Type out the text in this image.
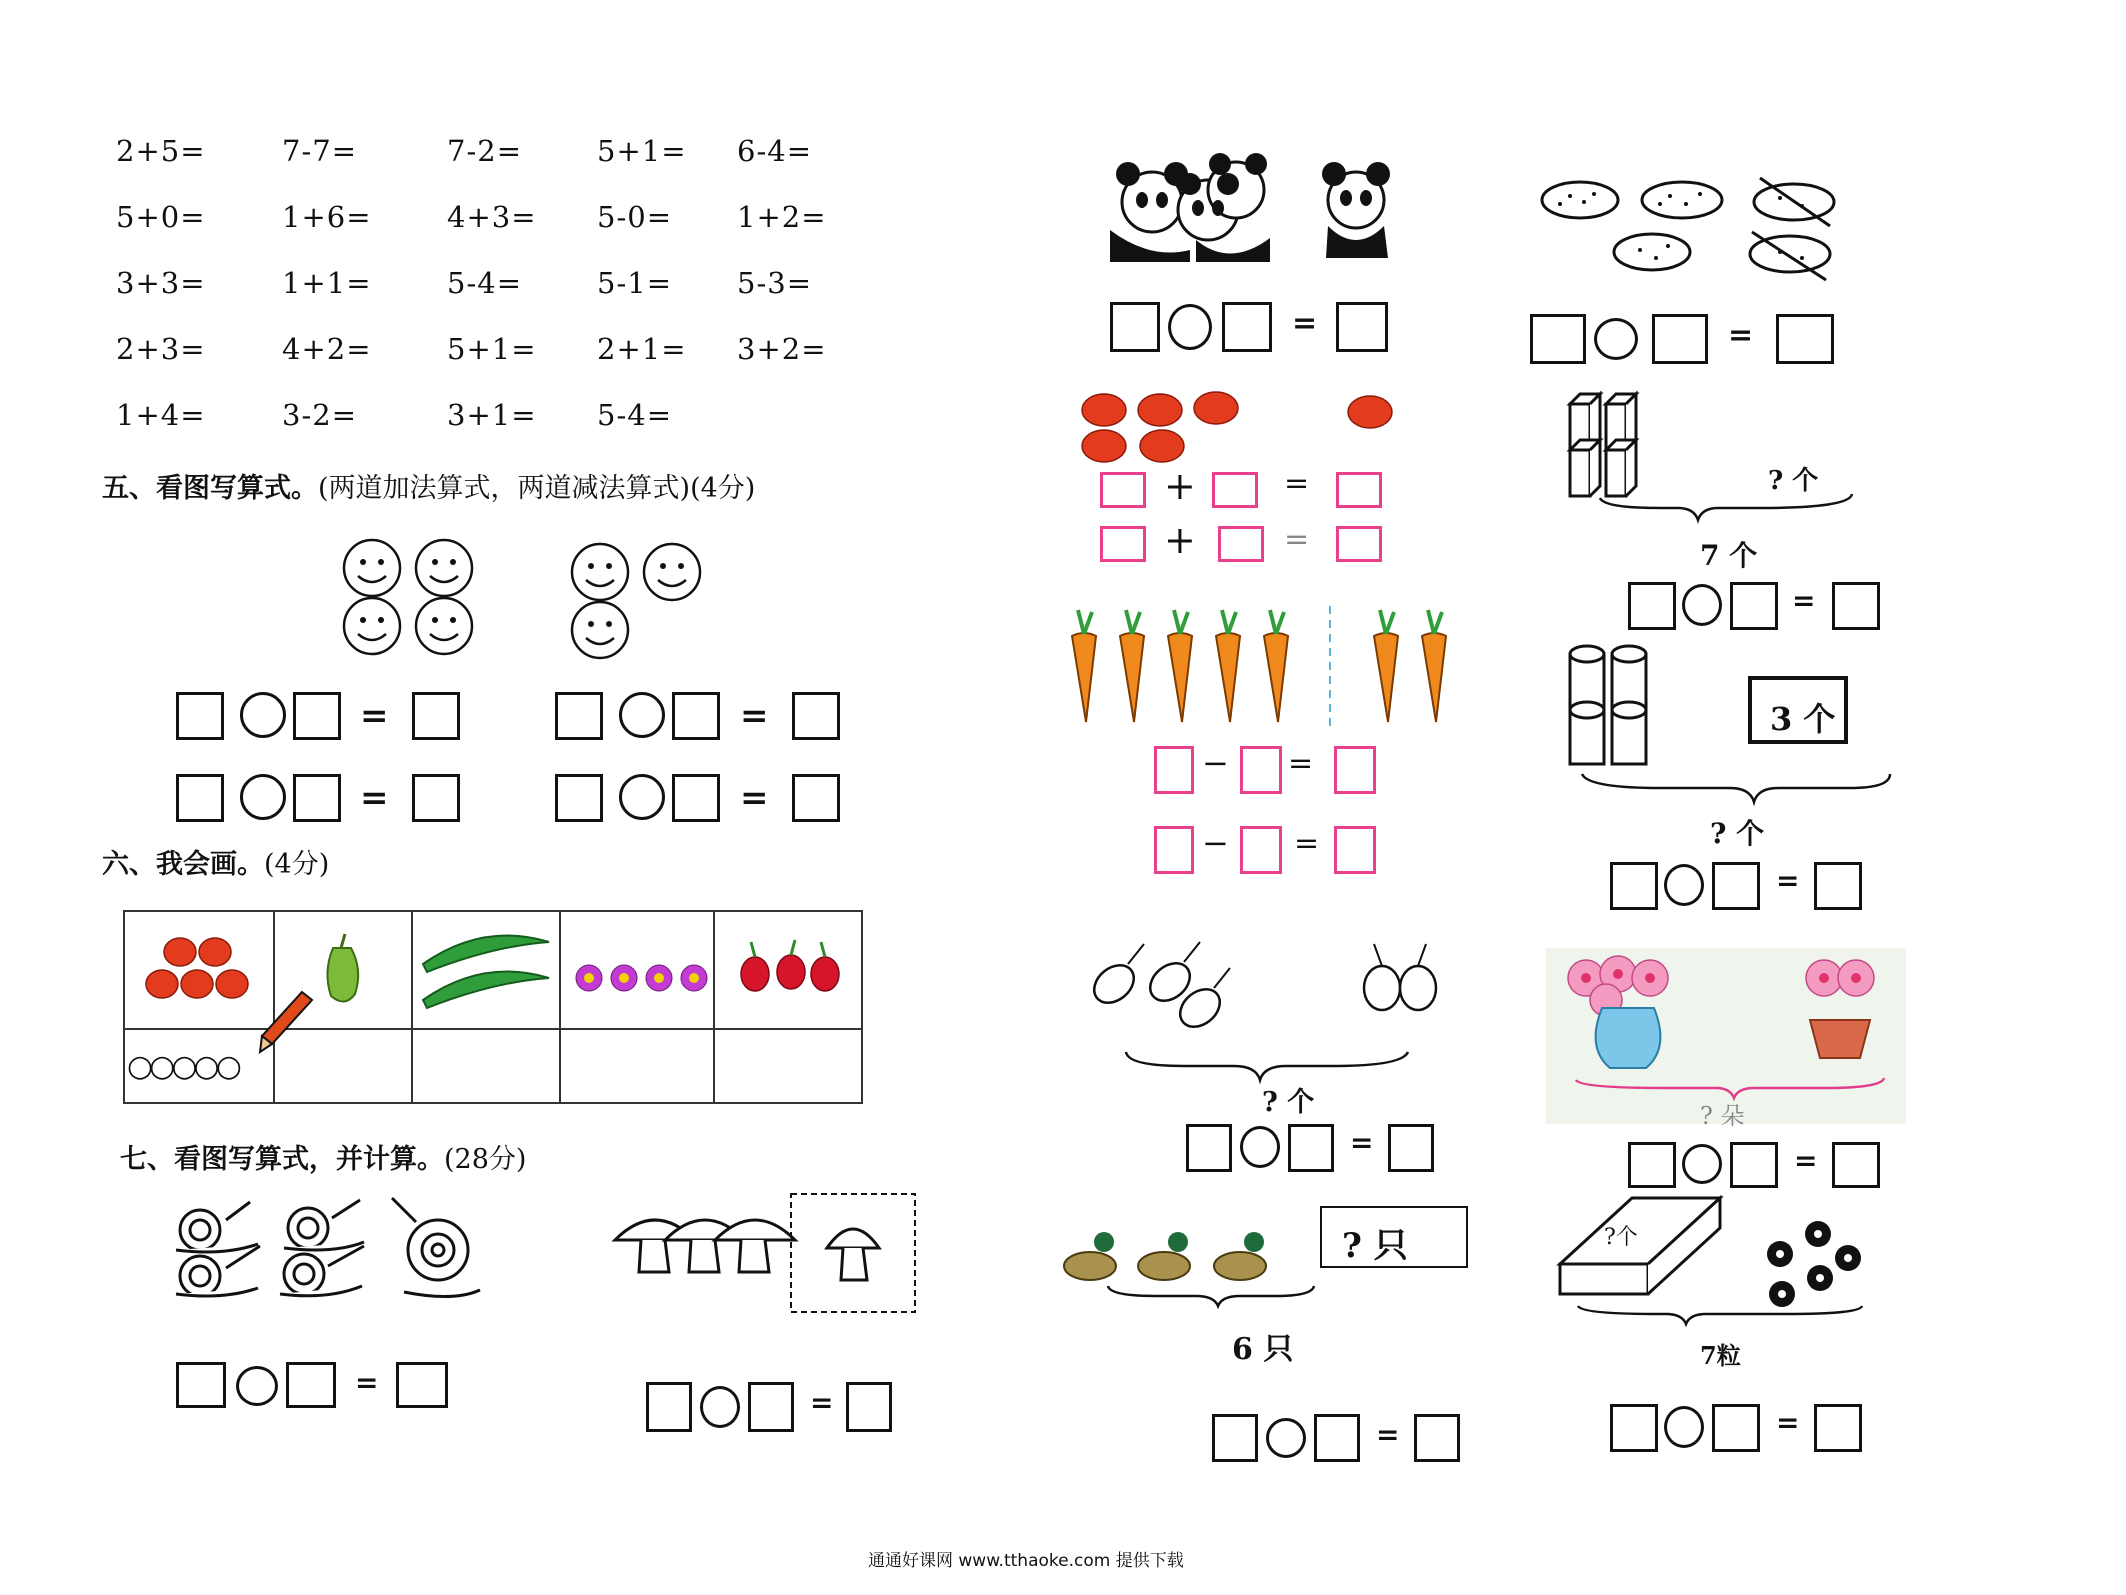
2+5=	7-7=	7-2=	5+1= 6-4=
5+0=	1+6=	4+3= 5-0= 1+2=
3+3=	1+1=	5-4=	5-1= 5-3=
2+3=	4+2=	5+1= 2+1= 3+2=
1+4=	3-2=	3+1= 5-4=
五、看图写算式。(两道加法算式，两道减法算式)(4分)
=	=
=	=
六、我会画。(4分)

○○○○○				

七、看图写算式，并计算。(28分)
=
=
=
+	=
+	=
− =
− =
? 个
=
? 只
6 只
=
=
? 个
7 个
=
3 个
? 个
=
? 朵
=
?个
7粒
=
通通好课网 www.tthaoke.com 提供下载
